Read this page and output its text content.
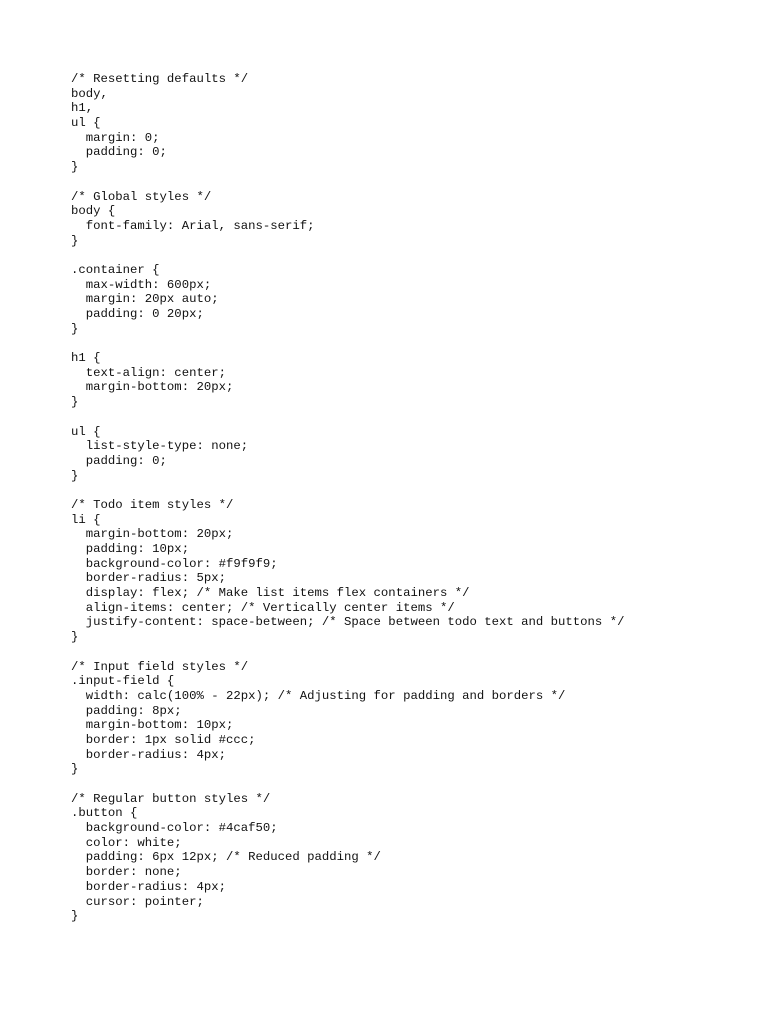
/* Resetting defaults */
body,
h1,
ul {
margin: 0;
padding: 0;
}
/* Global styles */
body {
font-family: Arial, sans-serif;
}
.container {
max-width: 600px;
margin: 20px auto;
padding: 0 20px;
}
h1 {
text-align: center;
margin-bottom: 20px;
}
ul {
list-style-type: none;
padding: 0;
}
/* Todo item styles */
li {
margin-bottom: 20px;
padding: 10px;
background-color: #f9f9f9;
border-radius: 5px;
display: flex; /* Make list items flex containers */
align-items: center; /* Vertically center items */
justify-content: space-between; /* Space between todo text and buttons */
}
/* Input field styles */
.input-field {
width: calc(100% - 22px); /* Adjusting for padding and borders */
padding: 8px;
margin-bottom: 10px;
border: 1px solid #ccc;
border-radius: 4px;
}
/* Regular button styles */
.button {
background-color: #4caf50;
color: white;
padding: 6px 12px; /* Reduced padding */
border: none;
border-radius: 4px;
cursor: pointer;
}
